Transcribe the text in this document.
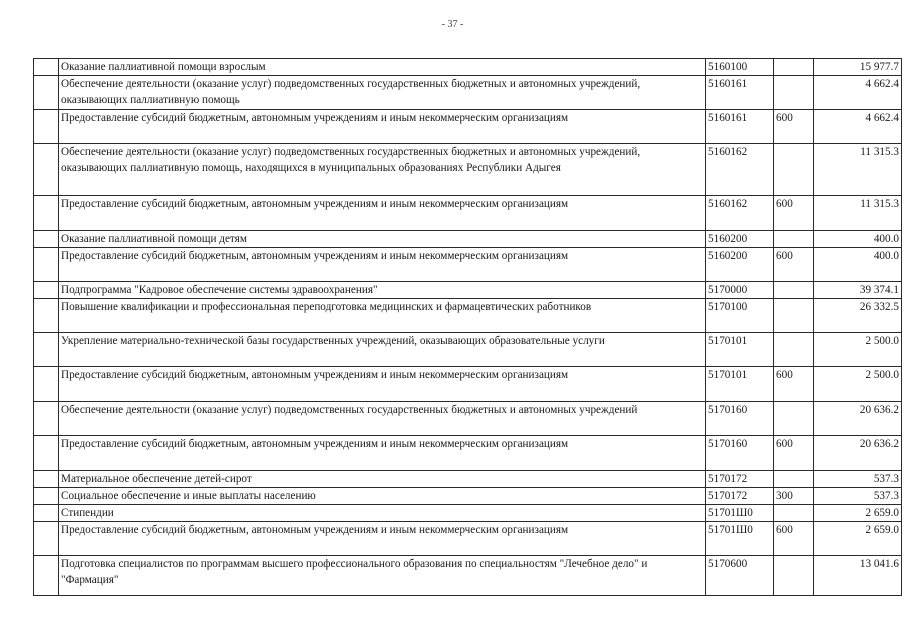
- 37 -
	Оказание паллиативной помощи взрослым	5160100		15 977.7
	Обеспечение деятельности (оказание услуг) подведомственных государственных бюджетных и автономных учреждений, оказывающих паллиативную помощь	5160161		4 662.4
	Предоставление субсидий бюджетным, автономным учреждениям и иным некоммерческим организациям	5160161	600	4 662.4
	Обеспечение деятельности (оказание услуг) подведомственных государственных бюджетных и автономных учреждений, оказывающих паллиативную помощь, находящихся в муниципальных образованиях Республики Адыгея	5160162		11 315.3
	Предоставление субсидий бюджетным, автономным учреждениям и иным некоммерческим организациям	5160162	600	11 315.3
	Оказание паллиативной помощи детям	5160200		400.0
	Предоставление субсидий бюджетным, автономным учреждениям и иным некоммерческим организациям	5160200	600	400.0
	Подпрограмма "Кадровое обеспечение системы здравоохранения"	5170000		39 374.1
	Повышение квалификации и профессиональная переподготовка медицинских и фармацевтических работников	5170100		26 332.5
	Укрепление материально-технической базы государственных учреждений, оказывающих образовательные услуги	5170101		2 500.0
	Предоставление субсидий бюджетным, автономным учреждениям и иным некоммерческим организациям	5170101	600	2 500.0
	Обеспечение деятельности (оказание услуг) подведомственных государственных бюджетных и автономных учреждений	5170160		20 636.2
	Предоставление субсидий бюджетным, автономным учреждениям и иным некоммерческим организациям	5170160	600	20 636.2
	Материальное обеспечение детей-сирот	5170172		537.3
	Социальное обеспечение и иные выплаты населению	5170172	300	537.3
	Стипендии	51701Ш0		2 659.0
	Предоставление субсидий бюджетным, автономным учреждениям и иным некоммерческим организациям	51701Ш0	600	2 659.0
	Подготовка специалистов по программам высшего профессионального образования по специальностям "Лечебное дело" и "Фармация"	5170600		13 041.6
